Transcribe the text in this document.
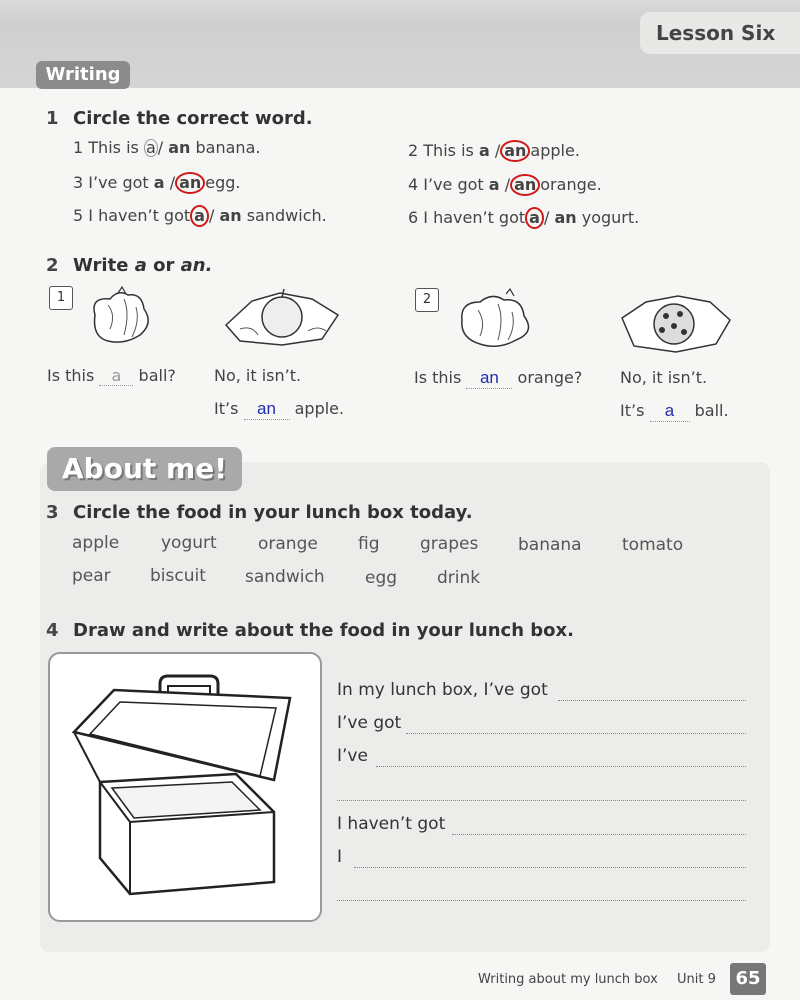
Lesson Six
Writing
1 Circle the correct word.
1 This is a / an banana.	2 This is a / an apple.
3 I’ve got a / an egg.	4 I’ve got a / an orange.
5 I haven’t got a / an sandwich.	6 I haven’t got a / an yogurt.
2 Write a or an.
1	2
Is this a ball? No, it isn’t.
It’s an apple.
Is this an orange? No, it isn’t.
It’s a ball.
About me!
3 Circle the food in your lunch box today.
apple yogurt orange fig grapes banana tomato
pear biscuit sandwich egg drink
4 Draw and write about the food in your lunch box.
In my lunch box, I’ve got
I’ve got
I’ve
I haven’t got
I
Writing about my lunch box Unit 9	65
